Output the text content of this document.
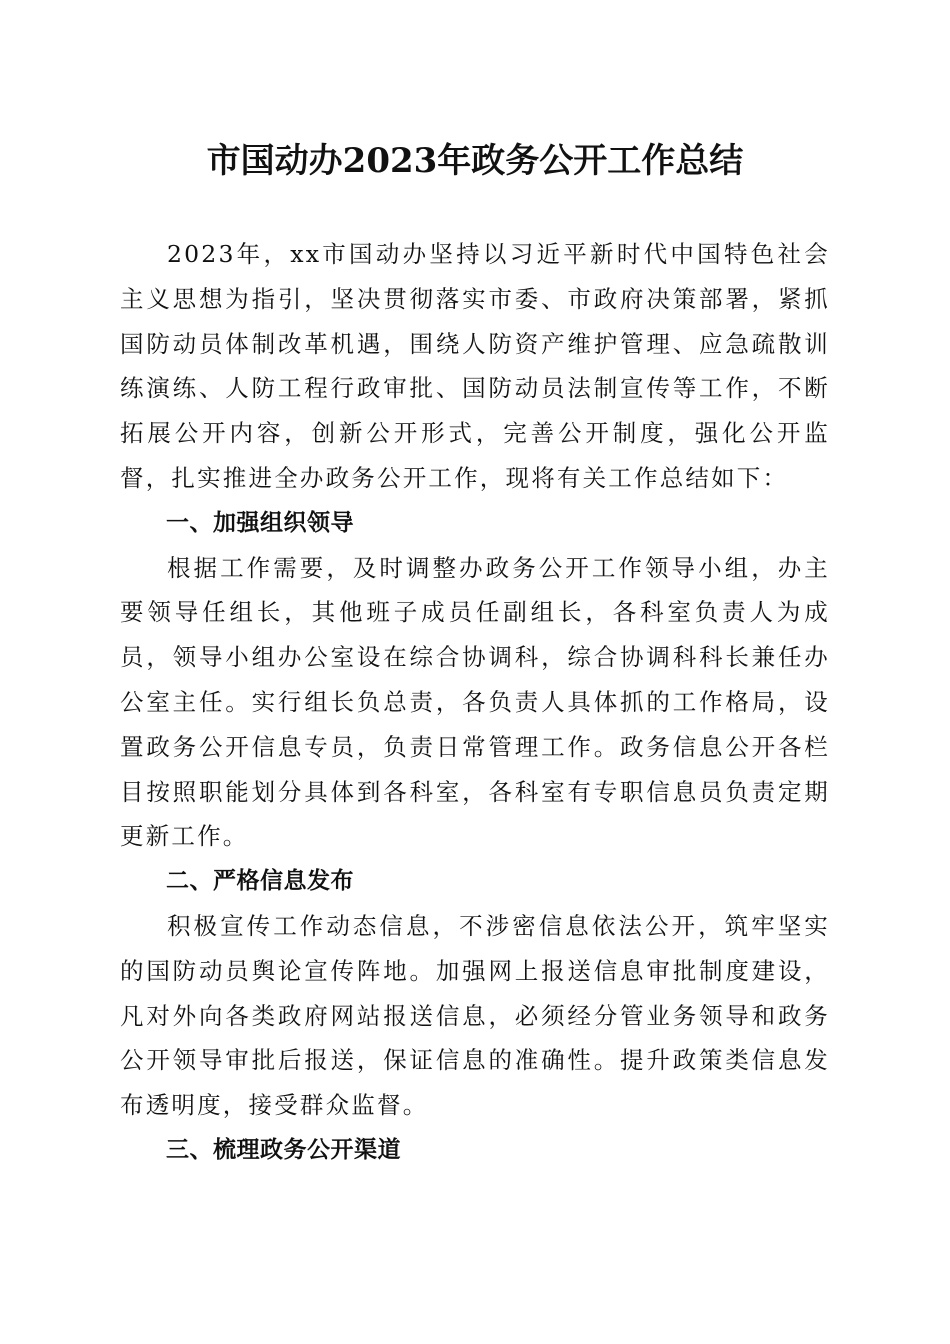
市国动办2023年政务公开工作总结

2023年，xx市国动办坚持以习近平新时代中国特色社会主义思想为指引，坚决贯彻落实市委、市政府决策部署，紧抓国防动员体制改革机遇，围绕人防资产维护管理、应急疏散训练演练、人防工程行政审批、国防动员法制宣传等工作，不断拓展公开内容，创新公开形式，完善公开制度，强化公开监督，扎实推进全办政务公开工作，现将有关工作总结如下：

一、加强组织领导

根据工作需要，及时调整办政务公开工作领导小组，办主要领导任组长，其他班子成员任副组长，各科室负责人为成员，领导小组办公室设在综合协调科，综合协调科科长兼任办公室主任。实行组长负总责，各负责人具体抓的工作格局，设置政务公开信息专员，负责日常管理工作。政务信息公开各栏目按照职能划分具体到各科室，各科室有专职信息员负责定期更新工作。

二、严格信息发布

积极宣传工作动态信息，不涉密信息依法公开，筑牢坚实的国防动员舆论宣传阵地。加强网上报送信息审批制度建设，凡对外向各类政府网站报送信息，必须经分管业务领导和政务公开领导审批后报送，保证信息的准确性。提升政策类信息发布透明度，接受群众监督。

三、梳理政务公开渠道
